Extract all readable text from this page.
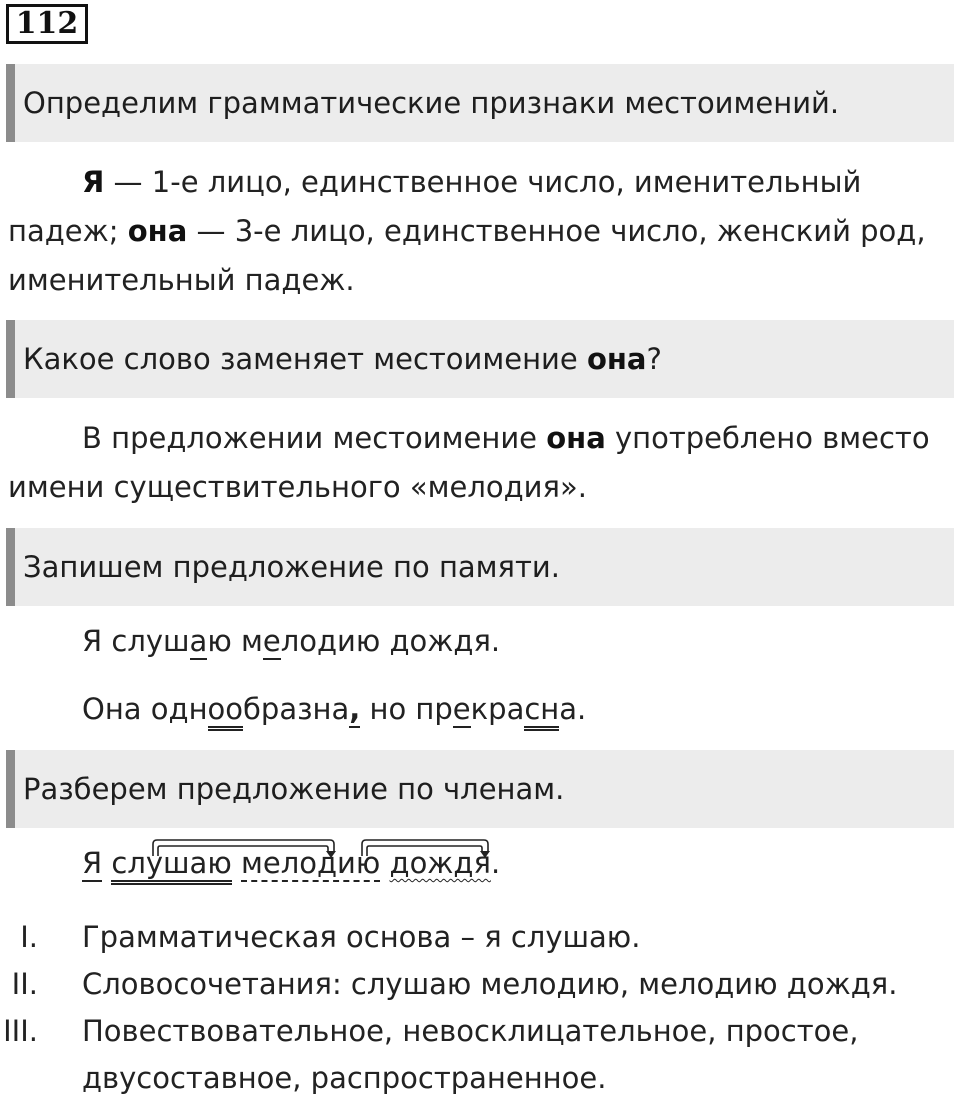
112
Определим грамматические признаки местоимений.

Я — 1-е лицо, единственное число, именительный падеж; она — 3-е лицо, единственное число, женский род, именительный падеж.

Какое слово заменяет местоимение она?

В предложении местоимение она употреблено вместо имени существительного «мелодия».

Запишем предложение по памяти.
Я слушаю мелодию дождя.
Она однообразна, но прекрасна.
Разберем предложение по членам.
Я слушаю мелодию дождя.
I. Грамматическая основа – я слушаю.
II. Словосочетания: слушаю мелодию, мелодию дождя.
III. Повествовательное, невосклицательное, простое, двусоставное, распространенное.
